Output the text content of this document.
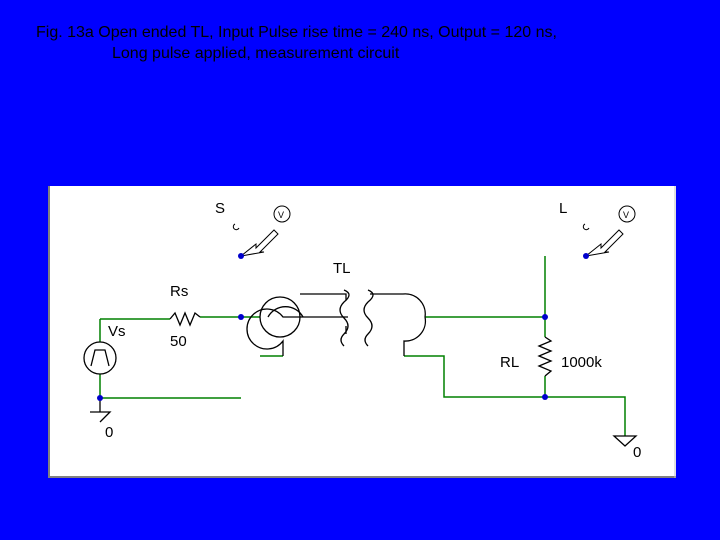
Fig. 13a Open ended TL, Input Pulse rise time = 240 ns, Output = 120 ns,
Long pulse applied, measurement circuit
V	V
S	L
TL
Rs
50
Vs
RL	1000k
0
0
